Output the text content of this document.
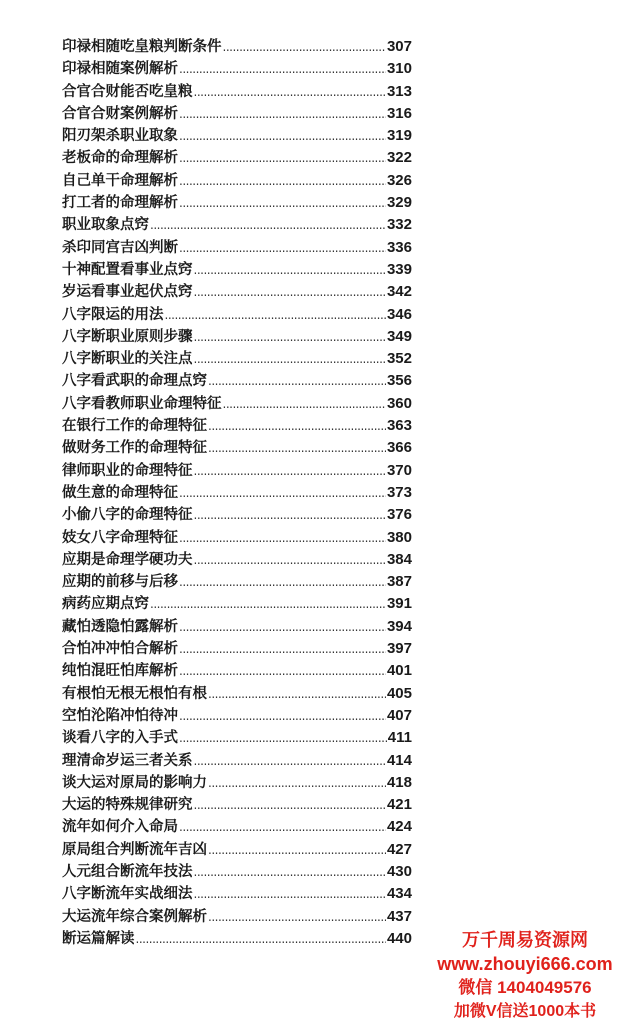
印禄相随吃皇粮判断条件 .....	307
印禄相随案例解析 .....	310
合官合财能否吃皇粮 .....	313
合官合财案例解析 .....	316
阳刃架杀职业取象 .....	319
老板命的命理解析 .....	322
自己单干命理解析 .....	326
打工者的命理解析 .....	329
职业取象点窍 .....	332
杀印同宫吉凶判断 .....	336
十神配置看事业点窍 .....	339
岁运看事业起伏点窍 .....	342
八字限运的用法 .....	346
八字断职业原则步骤 .....	349
八字断职业的关注点 .....	352
八字看武职的命理点窍 .....	356
八字看教师职业命理特征 .....	360
在银行工作的命理特征 .....	363
做财务工作的命理特征 .....	366
律师职业的命理特征 .....	370
做生意的命理特征 .....	373
小偷八字的命理特征 .....	376
妓女八字命理特征 .....	380
应期是命理学硬功夫 .....	384
应期的前移与后移 .....	387
病药应期点窍 .....	391
藏怕透隐怕露解析 .....	394
合怕冲冲怕合解析 .....	397
纯怕混旺怕库解析 .....	401
有根怕无根无根怕有根 .....	405
空怕沦陷冲怕待冲 .....	407
谈看八字的入手式 .....	411
理清命岁运三者关系 .....	414
谈大运对原局的影响力 .....	418
大运的特殊规律研究 .....	421
流年如何介入命局 .....	424
原局组合判断流年吉凶 .....	427
人元组合断流年技法 .....	430
八字断流年实战细法 .....	434
大运流年综合案例解析 .....	437
断运篇解读 .....	440	万千周易资源网
www.zhouyi666.com
微信 1404049576
加微V信送1000本书
